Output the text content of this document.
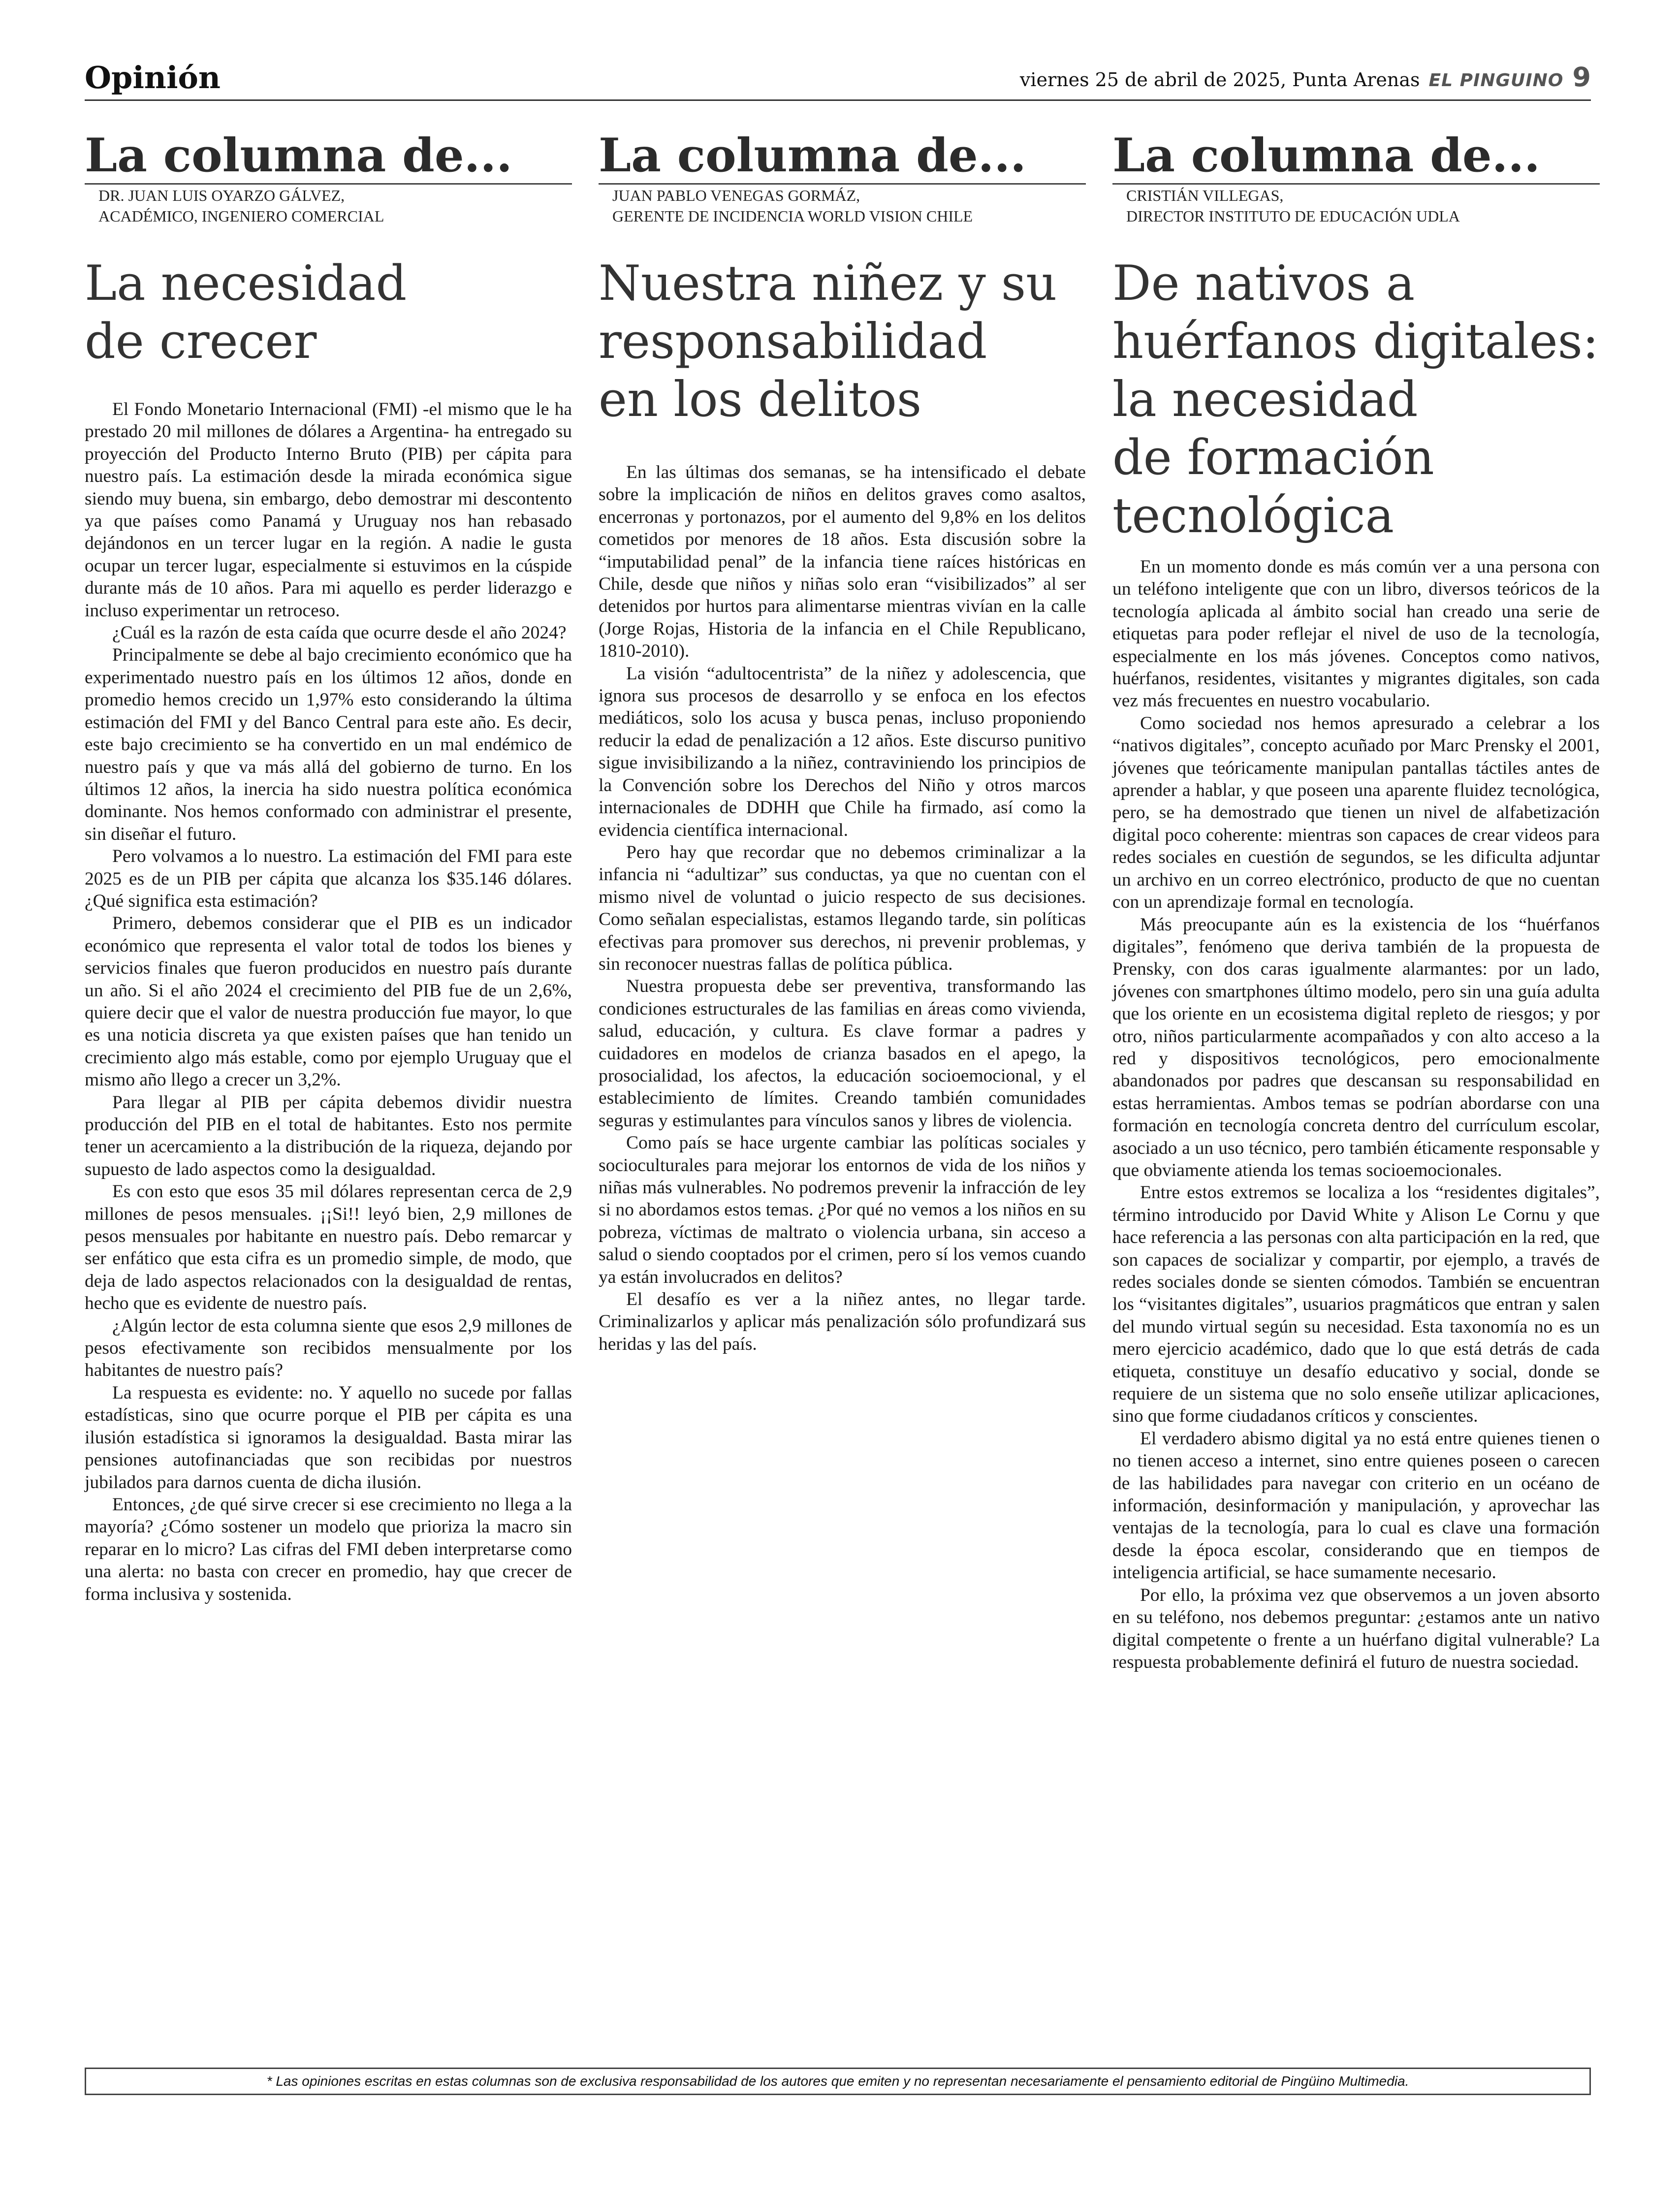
Opinión	viernes 25 de abril de 2025, Punta Arenas EL PINGUINO 9
La columna de...
DR. JUAN LUIS OYARZO GÁLVEZ,
ACADÉMICO, INGENIERO COMERCIAL
La necesidad
de crecer

El Fondo Monetario Internacional (FMI) -el mismo que le ha prestado 20 mil millones de dólares a Argentina- ha entregado su proyección del Producto Interno Bruto (PIB) per cápita para nuestro país. La estimación desde la mirada económica sigue siendo muy buena, sin embargo, debo demostrar mi descontento ya que países como Panamá y Uruguay nos han rebasado dejándonos en un tercer lugar en la región. A nadie le gusta ocupar un tercer lugar, especialmente si estuvimos en la cúspide durante más de 10 años. Para mi aquello es perder liderazgo e incluso experimentar un retroceso.

¿Cuál es la razón de esta caída que ocurre desde el año 2024?

Principalmente se debe al bajo crecimiento económico que ha experimentado nuestro país en los últimos 12 años, donde en promedio hemos crecido un 1,97% esto considerando la última estimación del FMI y del Banco Central para este año. Es decir, este bajo crecimiento se ha convertido en un mal endémico de nuestro país y que va más allá del gobierno de turno. En los últimos 12 años, la inercia ha sido nuestra política económica dominante. Nos hemos conformado con administrar el presente, sin diseñar el futuro.

Pero volvamos a lo nuestro. La estimación del FMI para este 2025 es de un PIB per cápita que alcanza los $35.146 dólares. ¿Qué significa esta estimación?

Primero, debemos considerar que el PIB es un indicador económico que representa el valor total de todos los bienes y servicios finales que fueron producidos en nuestro país durante un año. Si el año 2024 el crecimiento del PIB fue de un 2,6%, quiere decir que el valor de nuestra producción fue mayor, lo que es una noticia discreta ya que existen países que han tenido un crecimiento algo más estable, como por ejemplo Uruguay que el mismo año llego a crecer un 3,2%.

Para llegar al PIB per cápita debemos dividir nuestra producción del PIB en el total de habitantes. Esto nos permite tener un acercamiento a la distribución de la riqueza, dejando por supuesto de lado aspectos como la desigualdad.

Es con esto que esos 35 mil dólares representan cerca de 2,9 millones de pesos mensuales. ¡¡Si!! leyó bien, 2,9 millones de pesos mensuales por habitante en nuestro país. Debo remarcar y ser enfático que esta cifra es un promedio simple, de modo, que deja de lado aspectos relacionados con la desigualdad de rentas, hecho que es evidente de nuestro país.

¿Algún lector de esta columna siente que esos 2,9 millones de pesos efectivamente son recibidos mensualmente por los habitantes de nuestro país?

La respuesta es evidente: no. Y aquello no sucede por fallas estadísticas, sino que ocurre porque el PIB per cápita es una ilusión estadística si ignoramos la desigualdad. Basta mirar las pensiones autofinanciadas que son recibidas por nuestros jubilados para darnos cuenta de dicha ilusión.

Entonces, ¿de qué sirve crecer si ese crecimiento no llega a la mayoría? ¿Cómo sostener un modelo que prioriza la macro sin reparar en lo micro? Las cifras del FMI deben interpretarse como una alerta: no basta con crecer en promedio, hay que crecer de forma inclusiva y sostenida.

La columna de...
JUAN PABLO VENEGAS GORMÁZ,
GERENTE DE INCIDENCIA WORLD VISION CHILE
Nuestra niñez y su
responsabilidad
en los delitos

En las últimas dos semanas, se ha intensificado el debate sobre la implicación de niños en delitos graves como asaltos, encerronas y portonazos, por el aumento del 9,8% en los delitos cometidos por menores de 18 años. Esta discusión sobre la “imputabilidad penal” de la infancia tiene raíces históricas en Chile, desde que niños y niñas solo eran “visibilizados” al ser detenidos por hurtos para alimentarse mientras vivían en la calle (Jorge Rojas, Historia de la infancia en el Chile Republicano, 1810-2010).

La visión “adultocentrista” de la niñez y adolescencia, que ignora sus procesos de desarrollo y se enfoca en los efectos mediáticos, solo los acusa y busca penas, incluso proponiendo reducir la edad de penalización a 12 años. Este discurso punitivo sigue invisibilizando a la niñez, contraviniendo los principios de la Convención sobre los Derechos del Niño y otros marcos internacionales de DDHH que Chile ha firmado, así como la evidencia científica internacional.

Pero hay que recordar que no debemos criminalizar a la infancia ni “adultizar” sus conductas, ya que no cuentan con el mismo nivel de voluntad o juicio respecto de sus decisiones. Como señalan especialistas, estamos llegando tarde, sin políticas efectivas para promover sus derechos, ni prevenir problemas, y sin reconocer nuestras fallas de política pública.

Nuestra propuesta debe ser preventiva, transformando las condiciones estructurales de las familias en áreas como vivienda, salud, educación, y cultura. Es clave formar a padres y cuidadores en modelos de crianza basados en el apego, la prosocialidad, los afectos, la educación socioemocional, y el establecimiento de límites. Creando también comunidades seguras y estimulantes para vínculos sanos y libres de violencia.

Como país se hace urgente cambiar las políticas sociales y socioculturales para mejorar los entornos de vida de los niños y niñas más vulnerables. No podremos prevenir la infracción de ley si no abordamos estos temas. ¿Por qué no vemos a los niños en su pobreza, víctimas de maltrato o violencia urbana, sin acceso a salud o siendo cooptados por el crimen, pero sí los vemos cuando ya están involucrados en delitos?

El desafío es ver a la niñez antes, no llegar tarde. Criminalizarlos y aplicar más penalización sólo profundizará sus heridas y las del país.

La columna de...
CRISTIÁN VILLEGAS,
DIRECTOR INSTITUTO DE EDUCACIÓN UDLA
De nativos a
huérfanos digitales:
la necesidad
de formación
tecnológica

En un momento donde es más común ver a una persona con un teléfono inteligente que con un libro, diversos teóricos de la tecnología aplicada al ámbito social han creado una serie de etiquetas para poder reflejar el nivel de uso de la tecnología, especialmente en los más jóvenes. Conceptos como nativos, huérfanos, residentes, visitantes y migrantes digitales, son cada vez más frecuentes en nuestro vocabulario.

Como sociedad nos hemos apresurado a celebrar a los “nativos digitales”, concepto acuñado por Marc Prensky el 2001, jóvenes que teóricamente manipulan pantallas táctiles antes de aprender a hablar, y que poseen una aparente fluidez tecnológica, pero, se ha demostrado que tienen un nivel de alfabetización digital poco coherente: mientras son capaces de crear videos para redes sociales en cuestión de segundos, se les dificulta adjuntar un archivo en un correo electrónico, producto de que no cuentan con un aprendizaje formal en tecnología.

Más preocupante aún es la existencia de los “huérfanos digitales”, fenómeno que deriva también de la propuesta de Prensky, con dos caras igualmente alarmantes: por un lado, jóvenes con smartphones último modelo, pero sin una guía adulta que los oriente en un ecosistema digital repleto de riesgos; y por otro, niños particularmente acompañados y con alto acceso a la red y dispositivos tecnológicos, pero emocionalmente abandonados por padres que descansan su responsabilidad en estas herramientas. Ambos temas se podrían abordarse con una formación en tecnología concreta dentro del currículum escolar, asociado a un uso técnico, pero también éticamente responsable y que obviamente atienda los temas socioemocionales.

Entre estos extremos se localiza a los “residentes digitales”, término introducido por David White y Alison Le Cornu y que hace referencia a las personas con alta participación en la red, que son capaces de socializar y compartir, por ejemplo, a través de redes sociales donde se sienten cómodos. También se encuentran los “visitantes digitales”, usuarios pragmáticos que entran y salen del mundo virtual según su necesidad. Esta taxonomía no es un mero ejercicio académico, dado que lo que está detrás de cada etiqueta, constituye un desafío educativo y social, donde se requiere de un sistema que no solo enseñe utilizar aplicaciones, sino que forme ciudadanos críticos y conscientes.

El verdadero abismo digital ya no está entre quienes tienen o no tienen acceso a internet, sino entre quienes poseen o carecen de las habilidades para navegar con criterio en un océano de información, desinformación y manipulación, y aprovechar las ventajas de la tecnología, para lo cual es clave una formación desde la época escolar, considerando que en tiempos de inteligencia artificial, se hace sumamente necesario.

Por ello, la próxima vez que observemos a un joven absorto en su teléfono, nos debemos preguntar: ¿estamos ante un nativo digital competente o frente a un huérfano digital vulnerable? La respuesta probablemente definirá el futuro de nuestra sociedad.

* Las opiniones escritas en estas columnas son de exclusiva responsabilidad de los autores que emiten y no representan necesariamente el pensamiento editorial de Pingüino Multimedia.
